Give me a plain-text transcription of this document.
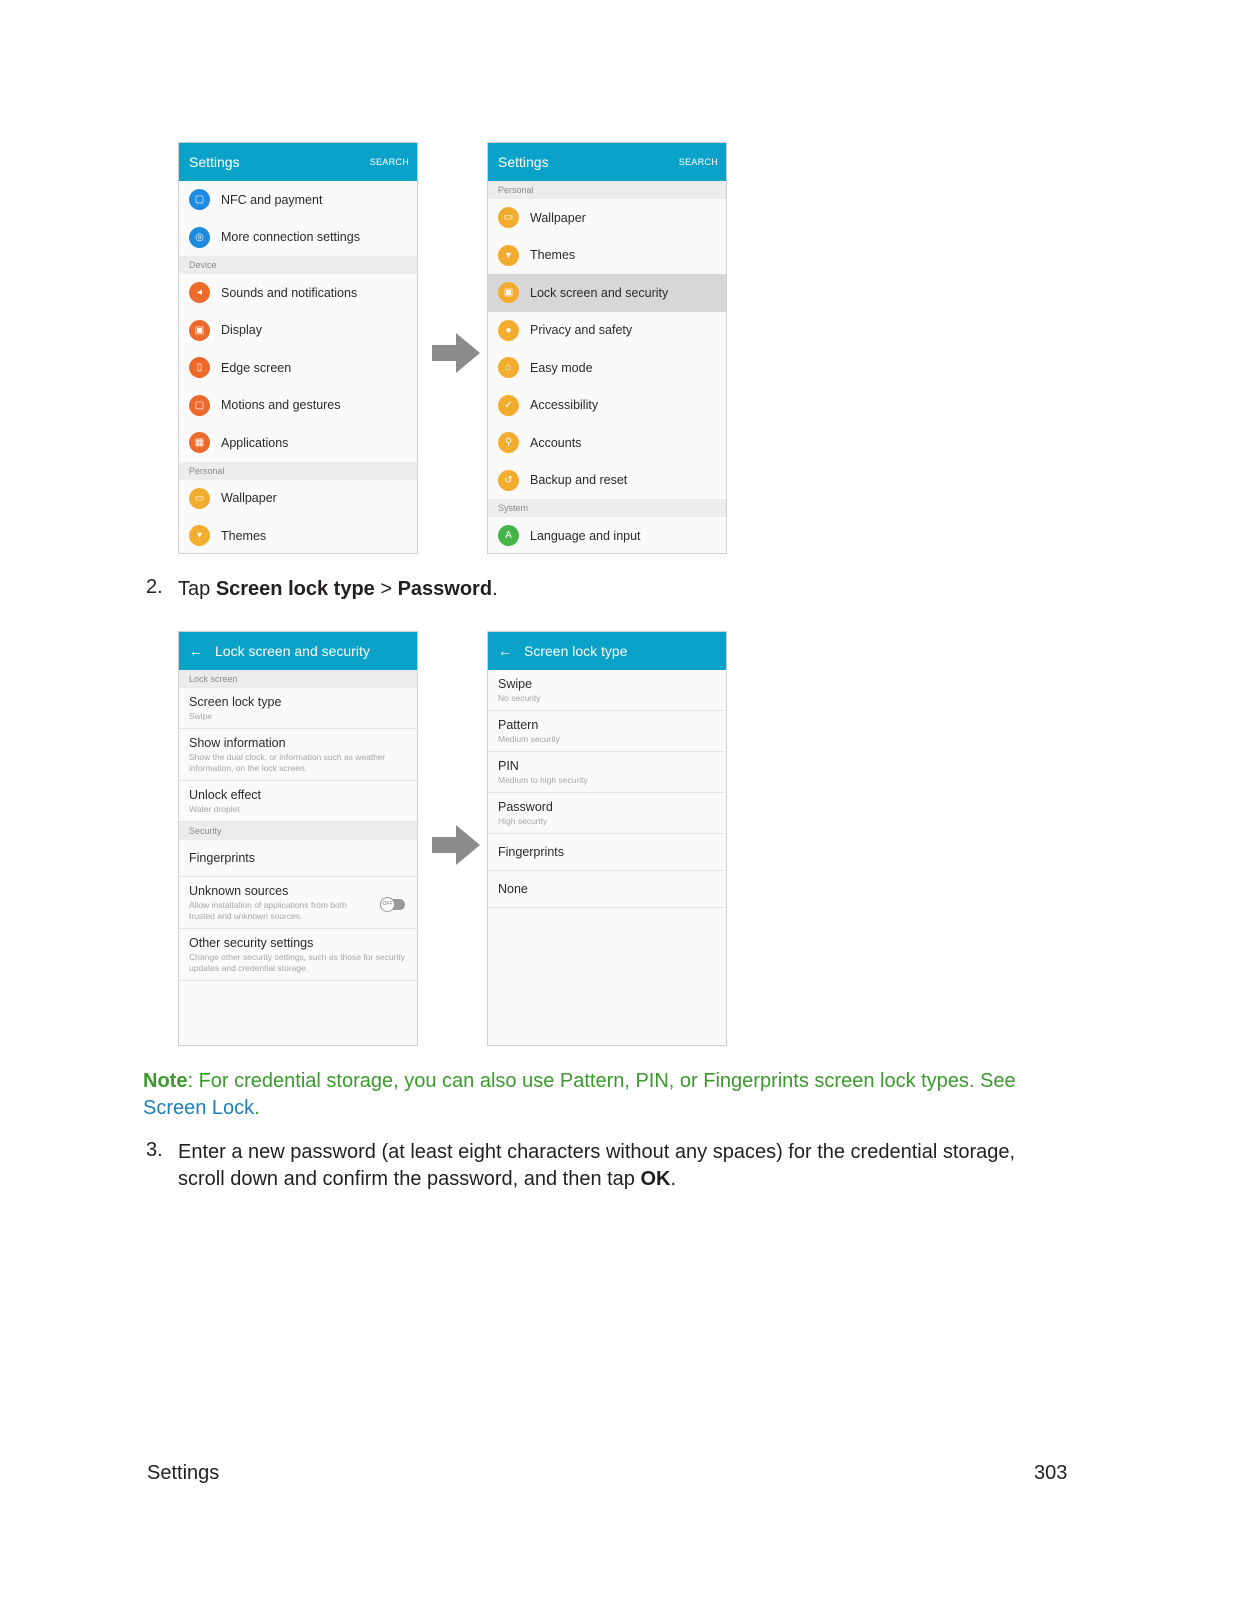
Settings	SEARCH
▢	NFC and payment
◎	More connection settings
Device
◂	Sounds and notifications
▣	Display
▯	Edge screen
▢	Motions and gestures
▦	Applications
Personal
▭	Wallpaper
▾	Themes
Settings	SEARCH
Personal
▭	Wallpaper
▾	Themes
▣	Lock screen and security
●	Privacy and safety
⌂	Easy mode
✓	Accessibility
⚲	Accounts
↺	Backup and reset
System
A	Language and input
2. Tap Screen lock type > Password.
← Lock screen and security
Lock screen
Screen lock type
Swipe
Show information
Show the dual clock, or information such as weather information, on the lock screen.
Unlock effect
Water droplet
Security
Fingerprints
Unknown sources
Allow installation of applications from both trusted and unknown sources.
OFF
Other security settings
Change other security settings, such as those for security updates and credential storage.
← Screen lock type
Swipe
No security
Pattern
Medium security
PIN
Medium to high security
Password
High security
Fingerprints
None
Note: For credential storage, you can also use Pattern, PIN, or Fingerprints screen lock types. See
Screen Lock.
3. Enter a new password (at least eight characters without any spaces) for the credential storage,
scroll down and confirm the password, and then tap OK.
Settings	303
